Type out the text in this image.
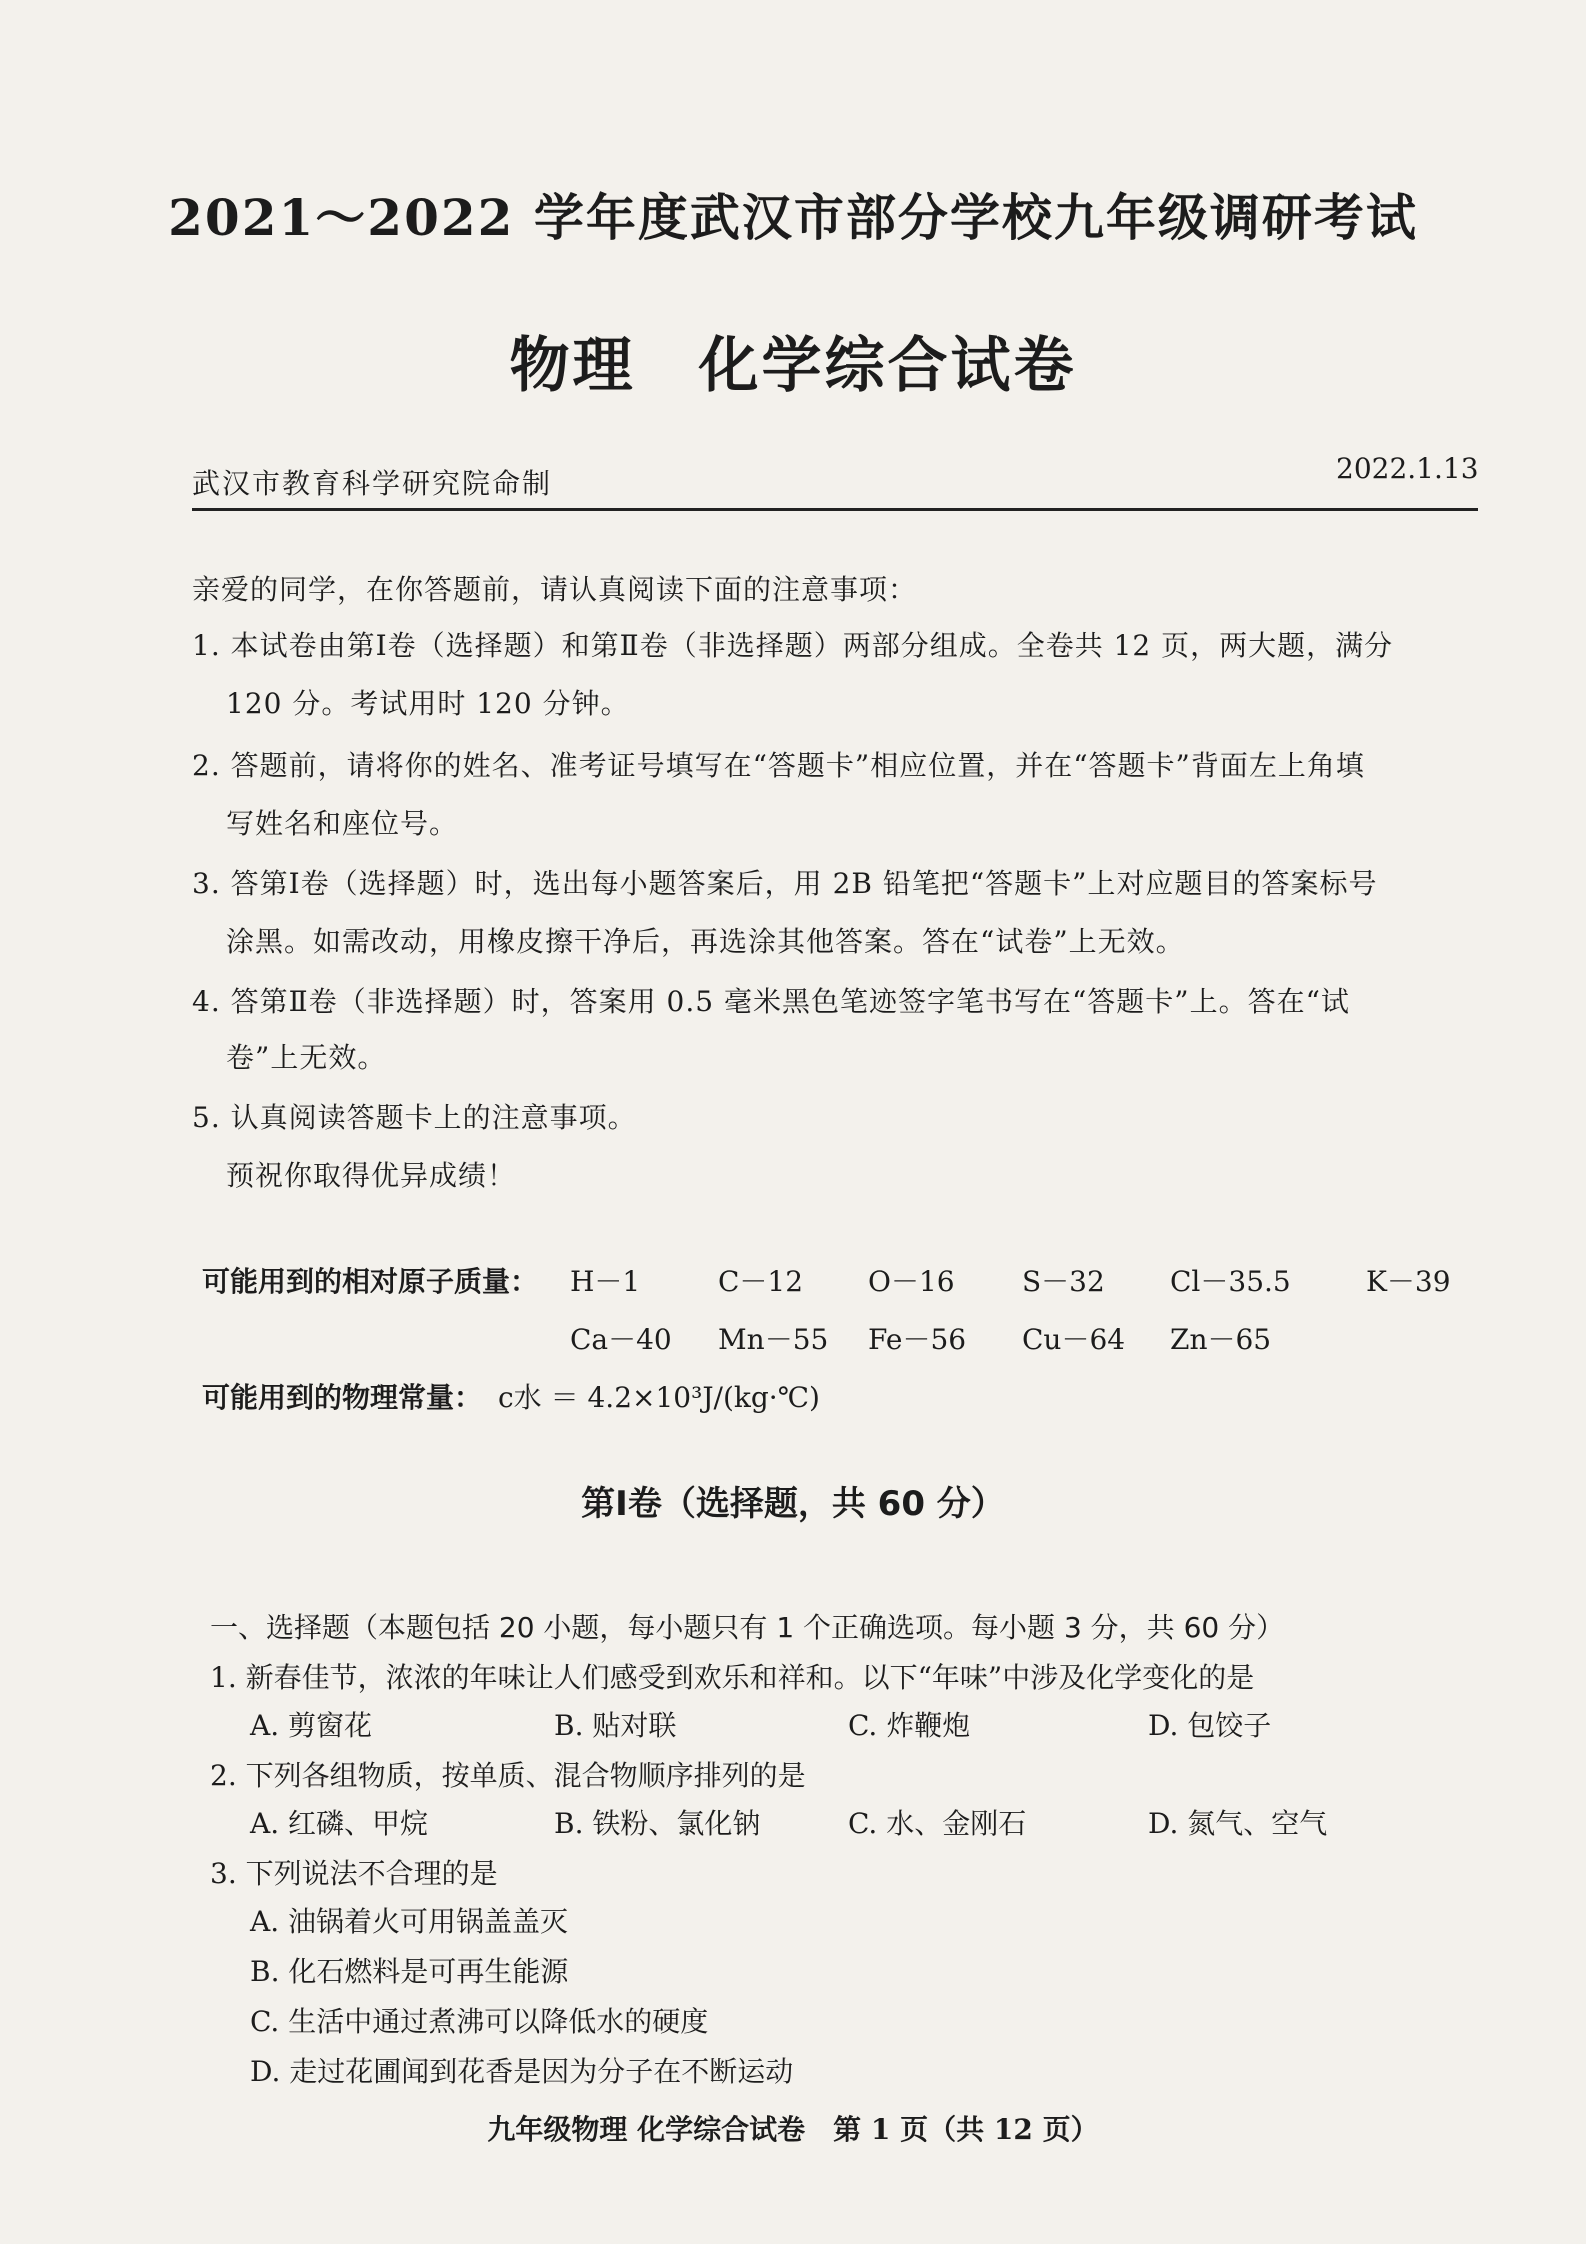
2021～2022 学年度武汉市部分学校九年级调研考试
物理　化学综合试卷
武汉市教育科学研究院命制	2022.1.13
亲爱的同学，在你答题前，请认真阅读下面的注意事项：
1. 本试卷由第Ⅰ卷（选择题）和第Ⅱ卷（非选择题）两部分组成。全卷共 12 页，两大题，满分
120 分。考试用时 120 分钟。
2. 答题前，请将你的姓名、准考证号填写在“答题卡”相应位置，并在“答题卡”背面左上角填
写姓名和座位号。
3. 答第Ⅰ卷（选择题）时，选出每小题答案后，用 2B 铅笔把“答题卡”上对应题目的答案标号
涂黑。如需改动，用橡皮擦干净后，再选涂其他答案。答在“试卷”上无效。
4. 答第Ⅱ卷（非选择题）时，答案用 0.5 毫米黑色笔迹签字笔书写在“答题卡”上。答在“试
卷”上无效。
5. 认真阅读答题卡上的注意事项。
预祝你取得优异成绩！
可能用到的相对原子质量： H－1	C－12 O－16 S－32 Cl－35.5	K－39
Ca－40 Mn－55 Fe－56 Cu－64 Zn－65
可能用到的物理常量： c水 ＝ 4.2×10³J/(kg·℃)
第Ⅰ卷（选择题，共 60 分）
一、选择题（本题包括 20 小题，每小题只有 1 个正确选项。每小题 3 分，共 60 分）
1. 新春佳节，浓浓的年味让人们感受到欢乐和祥和。以下“年味”中涉及化学变化的是
A. 剪窗花	B. 贴对联	C. 炸鞭炮	D. 包饺子
2. 下列各组物质，按单质、混合物顺序排列的是
A. 红磷、甲烷	B. 铁粉、氯化钠	C. 水、金刚石	D. 氮气、空气
3. 下列说法不合理的是
A. 油锅着火可用锅盖盖灭
B. 化石燃料是可再生能源
C. 生活中通过煮沸可以降低水的硬度
D. 走过花圃闻到花香是因为分子在不断运动
九年级物理 化学综合试卷　第 1 页（共 12 页）
